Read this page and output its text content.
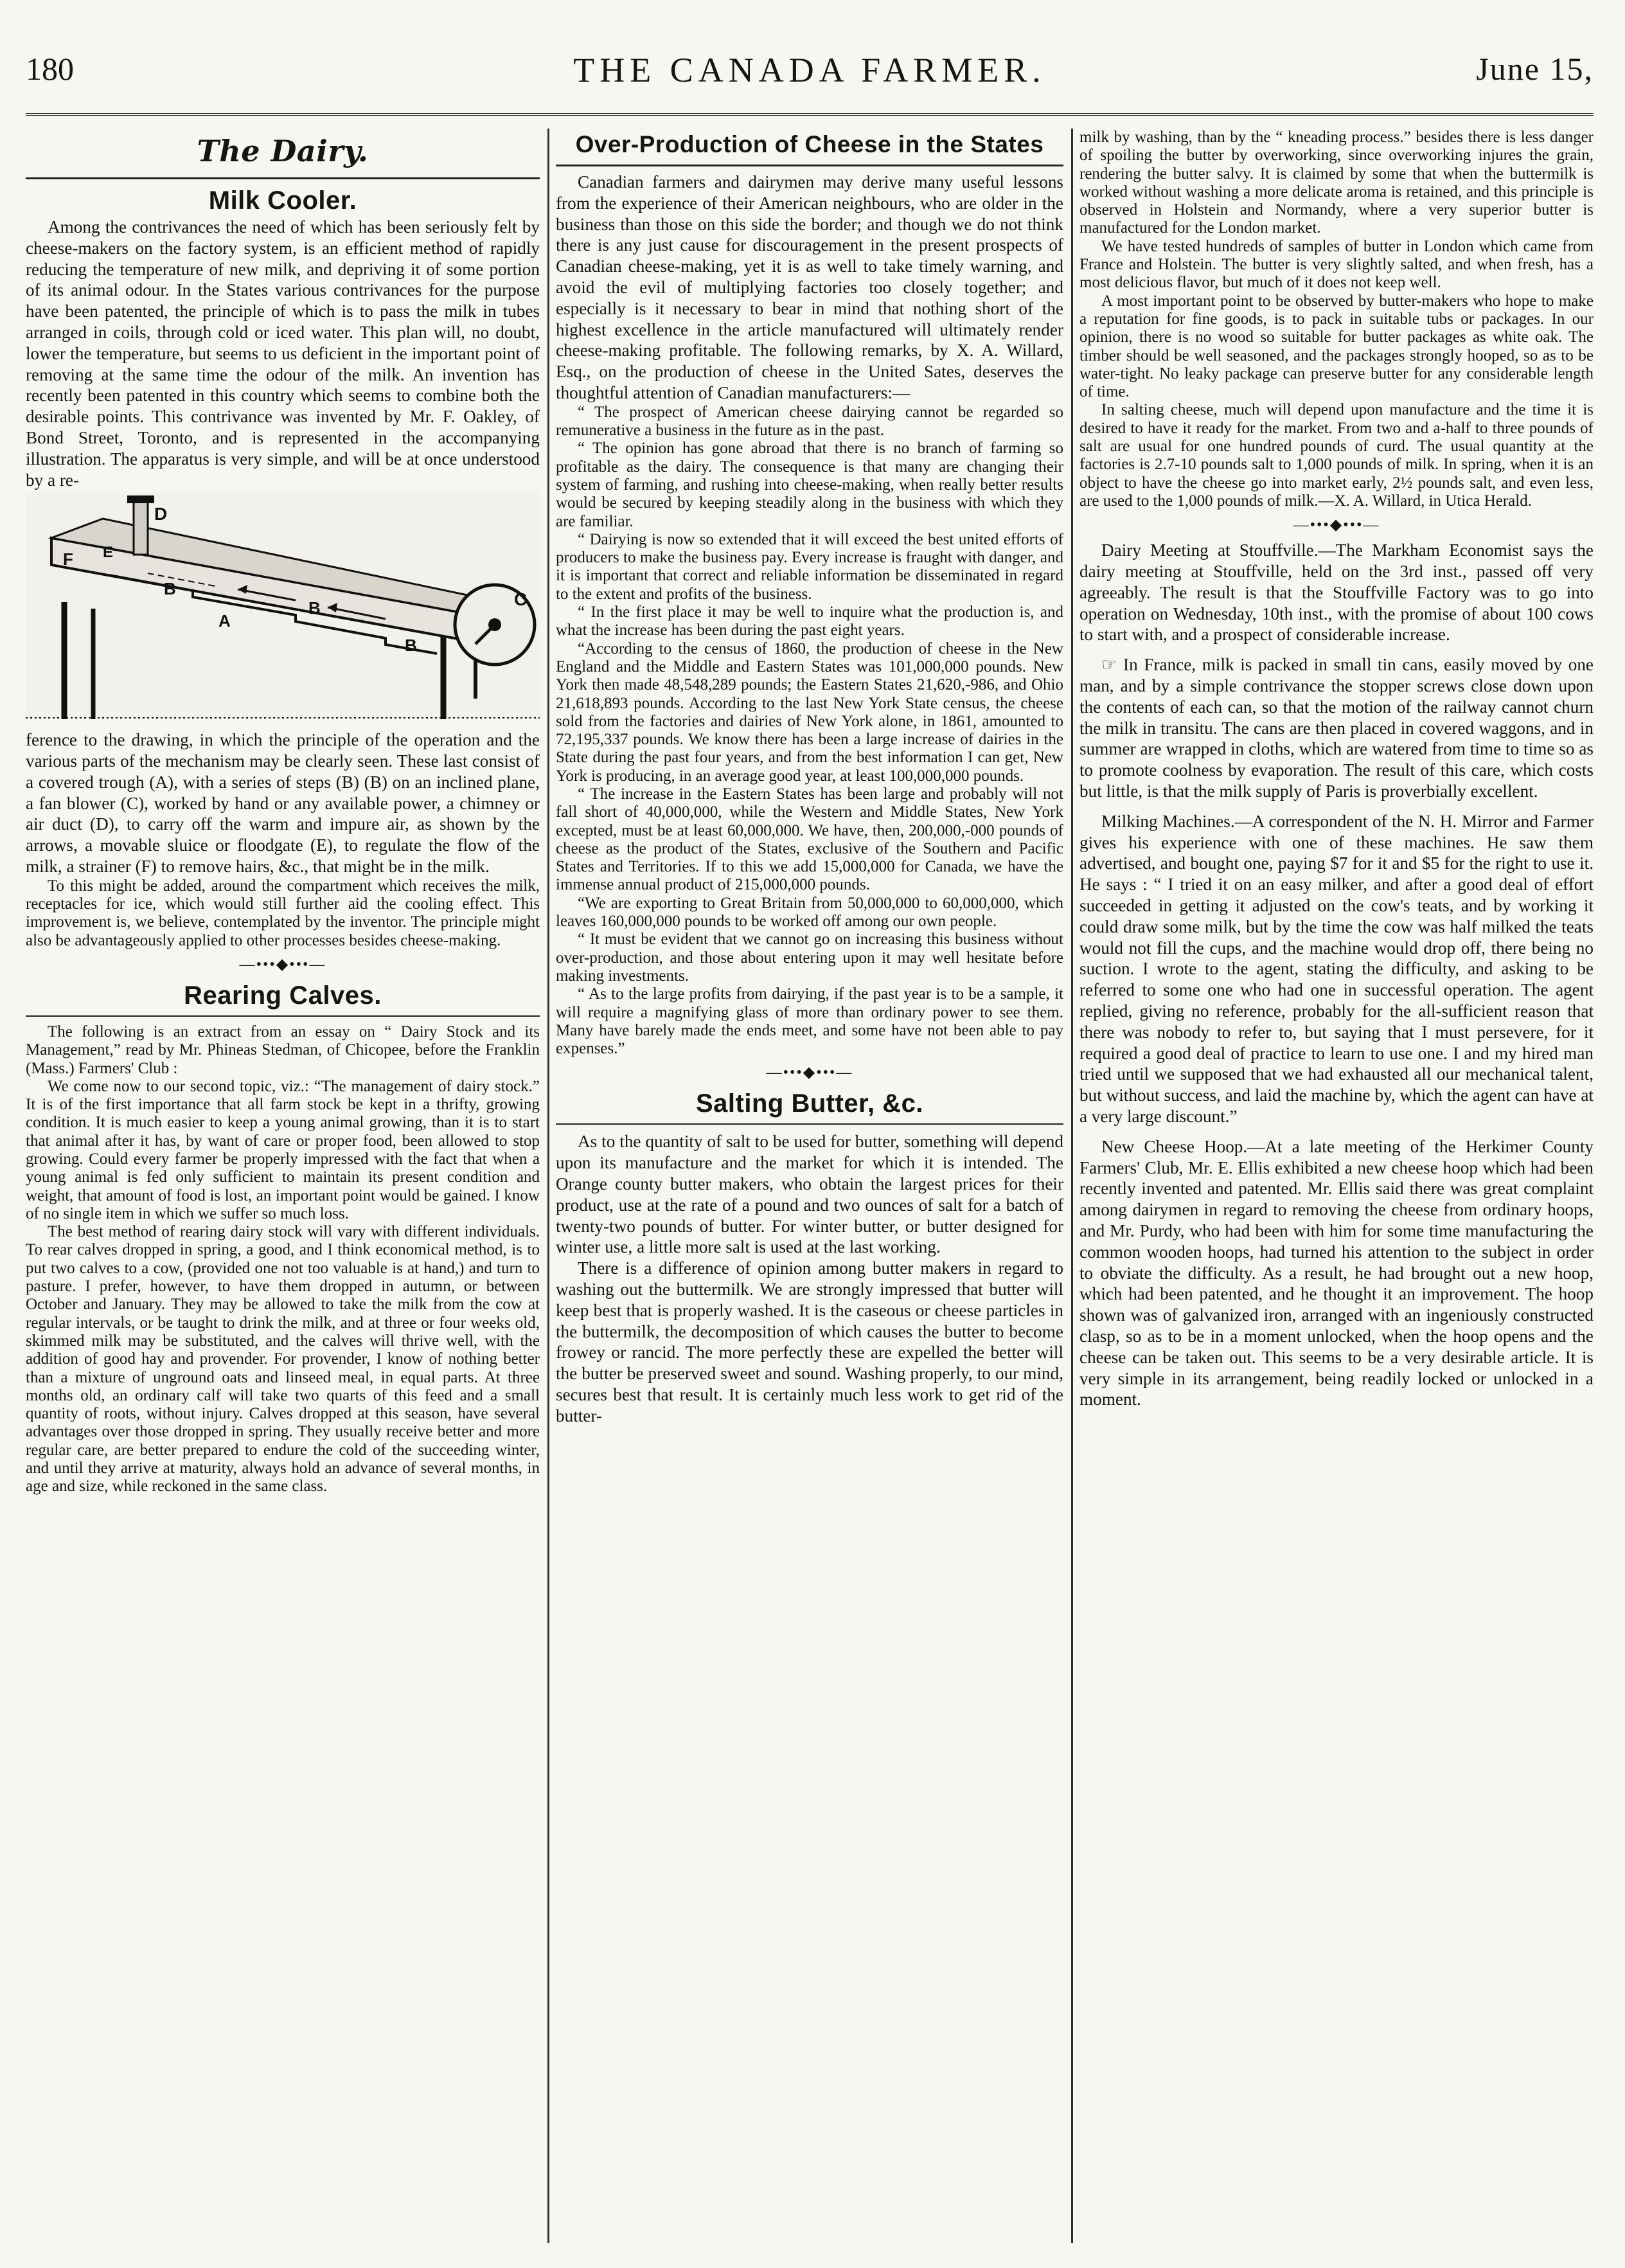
180	THE CANADA FARMER.	June 15,
The Dairy.
Milk Cooler.

Among the contrivances the need of which has been seriously felt by cheese-makers on the factory system, is an efficient method of rapidly reducing the temperature of new milk, and depriving it of some portion of its animal odour. In the States various contrivances for the purpose have been patented, the principle of which is to pass the milk in tubes arranged in coils, through cold or iced water. This plan will, no doubt, lower the temperature, but seems to us deficient in the important point of removing at the same time the odour of the milk. An invention has recently been patented in this country which seems to combine both the desirable points. This contrivance was invented by Mr. F. Oakley, of Bond Street, Toronto, and is represented in the accompanying illustration. The apparatus is very simple, and will be at once understood by a re-

D
F E
B
A
B
B
C

ference to the drawing, in which the principle of the operation and the various parts of the mechanism may be clearly seen. These last consist of a covered trough (A), with a series of steps (B) (B) on an inclined plane, a fan blower (C), worked by hand or any available power, a chimney or air duct (D), to carry off the warm and impure air, as shown by the arrows, a movable sluice or floodgate (E), to regulate the flow of the milk, a strainer (F) to remove hairs, &c., that might be in the milk.

To this might be added, around the compartment which receives the milk, receptacles for ice, which would still further aid the cooling effect. This improvement is, we believe, contemplated by the inventor. The principle might also be advantageously applied to other processes besides cheese-making.

—•••◆•••—
Rearing Calves.

The following is an extract from an essay on “ Dairy Stock and its Management,” read by Mr. Phineas Stedman, of Chicopee, before the Franklin (Mass.) Farmers' Club :

We come now to our second topic, viz.: “The management of dairy stock.” It is of the first importance that all farm stock be kept in a thrifty, growing condition. It is much easier to keep a young animal growing, than it is to start that animal after it has, by want of care or proper food, been allowed to stop growing. Could every farmer be properly impressed with the fact that when a young animal is fed only sufficient to maintain its present condition and weight, that amount of food is lost, an important point would be gained. I know of no single item in which we suffer so much loss.

The best method of rearing dairy stock will vary with different individuals. To rear calves dropped in spring, a good, and I think economical method, is to put two calves to a cow, (provided one not too valuable is at hand,) and turn to pasture. I prefer, however, to have them dropped in autumn, or between October and January. They may be allowed to take the milk from the cow at regular intervals, or be taught to drink the milk, and at three or four weeks old, skimmed milk may be substituted, and the calves will thrive well, with the addition of good hay and provender. For provender, I know of nothing better than a mixture of unground oats and linseed meal, in equal parts. At three months old, an ordinary calf will take two quarts of this feed and a small quantity of roots, without injury. Calves dropped at this season, have several advantages over those dropped in spring. They usually receive better and more regular care, are better prepared to endure the cold of the succeeding winter, and until they arrive at maturity, always hold an advance of several months, in age and size, while reckoned in the same class.

Over-Production of Cheese in the States

Canadian farmers and dairymen may derive many useful lessons from the experience of their American neighbours, who are older in the business than those on this side the border; and though we do not think there is any just cause for discouragement in the present prospects of Canadian cheese-making, yet it is as well to take timely warning, and avoid the evil of multiplying factories too closely together; and especially is it necessary to bear in mind that nothing short of the highest excellence in the article manufactured will ultimately render cheese-making profitable. The following remarks, by X. A. Willard, Esq., on the production of cheese in the United Sates, deserves the thoughtful attention of Canadian manufacturers:—

“ The prospect of American cheese dairying cannot be regarded so remunerative a business in the future as in the past.

“ The opinion has gone abroad that there is no branch of farming so profitable as the dairy. The consequence is that many are changing their system of farming, and rushing into cheese-making, when really better results would be secured by keeping steadily along in the business with which they are familiar.

“ Dairying is now so extended that it will exceed the best united efforts of producers to make the business pay. Every increase is fraught with danger, and it is important that correct and reliable information be disseminated in regard to the extent and profits of the business.

“ In the first place it may be well to inquire what the production is, and what the increase has been during the past eight years.

“According to the census of 1860, the production of cheese in the New England and the Middle and Eastern States was 101,000,000 pounds. New York then made 48,548,289 pounds; the Eastern States 21,620,-986, and Ohio 21,618,893 pounds. According to the last New York State census, the cheese sold from the factories and dairies of New York alone, in 1861, amounted to 72,195,337 pounds. We know there has been a large increase of dairies in the State during the past four years, and from the best information I can get, New York is producing, in an average good year, at least 100,000,000 pounds.

“ The increase in the Eastern States has been large and probably will not fall short of 40,000,000, while the Western and Middle States, New York excepted, must be at least 60,000,000. We have, then, 200,000,-000 pounds of cheese as the product of the States, exclusive of the Southern and Pacific States and Territories. If to this we add 15,000,000 for Canada, we have the immense annual product of 215,000,000 pounds.

“We are exporting to Great Britain from 50,000,000 to 60,000,000, which leaves 160,000,000 pounds to be worked off among our own people.

“ It must be evident that we cannot go on increasing this business without over-production, and those about entering upon it may well hesitate before making investments.

“ As to the large profits from dairying, if the past year is to be a sample, it will require a magnifying glass of more than ordinary power to see them. Many have barely made the ends meet, and some have not been able to pay expenses.”

—•••◆•••—
Salting Butter, &c.

As to the quantity of salt to be used for butter, something will depend upon its manufacture and the market for which it is intended. The Orange county butter makers, who obtain the largest prices for their product, use at the rate of a pound and two ounces of salt for a batch of twenty-two pounds of butter. For winter butter, or butter designed for winter use, a little more salt is used at the last working.

There is a difference of opinion among butter makers in regard to washing out the buttermilk. We are strongly impressed that butter will keep best that is properly washed. It is the caseous or cheese particles in the buttermilk, the decomposition of which causes the butter to become frowey or rancid. The more perfectly these are expelled the better will the butter be preserved sweet and sound. Washing properly, to our mind, secures best that result. It is certainly much less work to get rid of the butter-

milk by washing, than by the “ kneading process.” besides there is less danger of spoiling the butter by overworking, since overworking injures the grain, rendering the butter salvy. It is claimed by some that when the buttermilk is worked without washing a more delicate aroma is retained, and this principle is observed in Holstein and Normandy, where a very superior butter is manufactured for the London market.

We have tested hundreds of samples of butter in London which came from France and Holstein. The butter is very slightly salted, and when fresh, has a most delicious flavor, but much of it does not keep well.

A most important point to be observed by butter-makers who hope to make a reputation for fine goods, is to pack in suitable tubs or packages. In our opinion, there is no wood so suitable for butter packages as white oak. The timber should be well seasoned, and the packages strongly hooped, so as to be water-tight. No leaky package can preserve butter for any considerable length of time.

In salting cheese, much will depend upon manufacture and the time it is desired to have it ready for the market. From two and a-half to three pounds of salt are usual for one hundred pounds of curd. The usual quantity at the factories is 2.7-10 pounds salt to 1,000 pounds of milk. In spring, when it is an object to have the cheese go into market early, 2½ pounds salt, and even less, are used to the 1,000 pounds of milk.—X. A. Willard, in Utica Herald.

—•••◆•••—

Dairy Meeting at Stouffville.—The Markham Economist says the dairy meeting at Stouffville, held on the 3rd inst., passed off very agreeably. The result is that the Stouffville Factory was to go into operation on Wednesday, 10th inst., with the promise of about 100 cows to start with, and a prospect of considerable increase.

☞ In France, milk is packed in small tin cans, easily moved by one man, and by a simple contrivance the stopper screws close down upon the contents of each can, so that the motion of the railway cannot churn the milk in transitu. The cans are then placed in covered waggons, and in summer are wrapped in cloths, which are watered from time to time so as to promote coolness by evaporation. The result of this care, which costs but little, is that the milk supply of Paris is proverbially excellent.

Milking Machines.—A correspondent of the N. H. Mirror and Farmer gives his experience with one of these machines. He saw them advertised, and bought one, paying $7 for it and $5 for the right to use it. He says : “ I tried it on an easy milker, and after a good deal of effort succeeded in getting it adjusted on the cow's teats, and by working it could draw some milk, but by the time the cow was half milked the teats would not fill the cups, and the machine would drop off, there being no suction. I wrote to the agent, stating the difficulty, and asking to be referred to some one who had one in successful operation. The agent replied, giving no reference, probably for the all-sufficient reason that there was nobody to refer to, but saying that I must persevere, for it required a good deal of practice to learn to use one. I and my hired man tried until we supposed that we had exhausted all our mechanical talent, but without success, and laid the machine by, which the agent can have at a very large discount.”

New Cheese Hoop.—At a late meeting of the Herkimer County Farmers' Club, Mr. E. Ellis exhibited a new cheese hoop which had been recently invented and patented. Mr. Ellis said there was great complaint among dairymen in regard to removing the cheese from ordinary hoops, and Mr. Purdy, who had been with him for some time manufacturing the common wooden hoops, had turned his attention to the subject in order to obviate the difficulty. As a result, he had brought out a new hoop, which had been patented, and he thought it an improvement. The hoop shown was of galvanized iron, arranged with an ingeniously constructed clasp, so as to be in a moment unlocked, when the hoop opens and the cheese can be taken out. This seems to be a very desirable article. It is very simple in its arrangement, being readily locked or unlocked in a moment.
